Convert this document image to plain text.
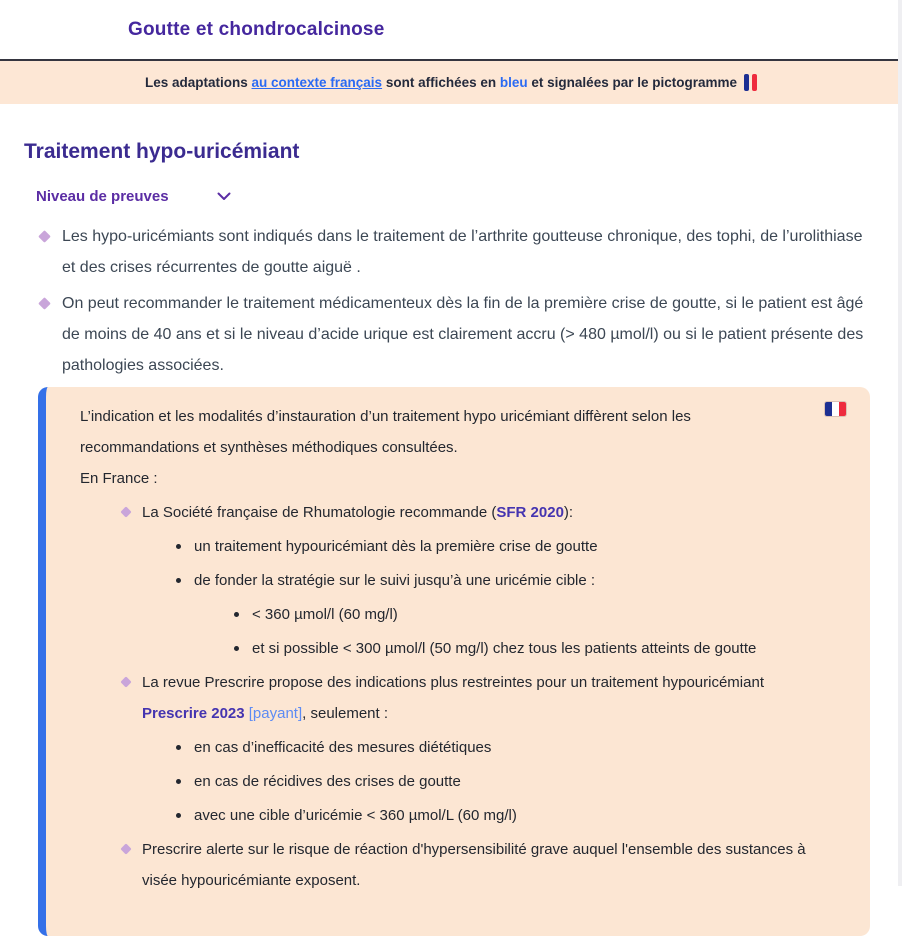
Goutte et chondrocalcinose
Les adaptations au contexte français sont affichées en bleu et signalées par le pictogramme
Traitement hypo-uricémiant
Niveau de preuves
Les hypo-uricémiants sont indiqués dans le traitement de l’arthrite goutteuse chronique, des tophi, de l’urolithiase et des crises récurrentes de goutte aiguë .
On peut recommander le traitement médicamenteux dès la fin de la première crise de goutte, si le patient est âgé de moins de 40 ans et si le niveau d’acide urique est clairement accru (> 480 µmol/l) ou si le patient présente des pathologies associées.

L’indication et les modalités d’instauration d’un traitement hypo uricémiant diffèrent selon les recommandations et synthèses méthodiques consultées.

En France :

La Société française de Rhumatologie recommande (SFR 2020):
un traitement hypouricémiant dès la première crise de goutte
de fonder la stratégie sur le suivi jusqu’à une uricémie cible :
< 360 µmol/l (60 mg/l)
et si possible < 300 µmol/l (50 mg/l) chez tous les patients atteints de goutte
La revue Prescrire propose des indications plus restreintes pour un traitement hypouricémiant Prescrire 2023 [payant], seulement :
en cas d’inefficacité des mesures diététiques
en cas de récidives des crises de goutte
avec une cible d’uricémie < 360 µmol/L (60 mg/l)
Prescrire alerte sur le risque de réaction d'hypersensibilité grave auquel l'ensemble des sustances à visée hypouricémiante exposent.
